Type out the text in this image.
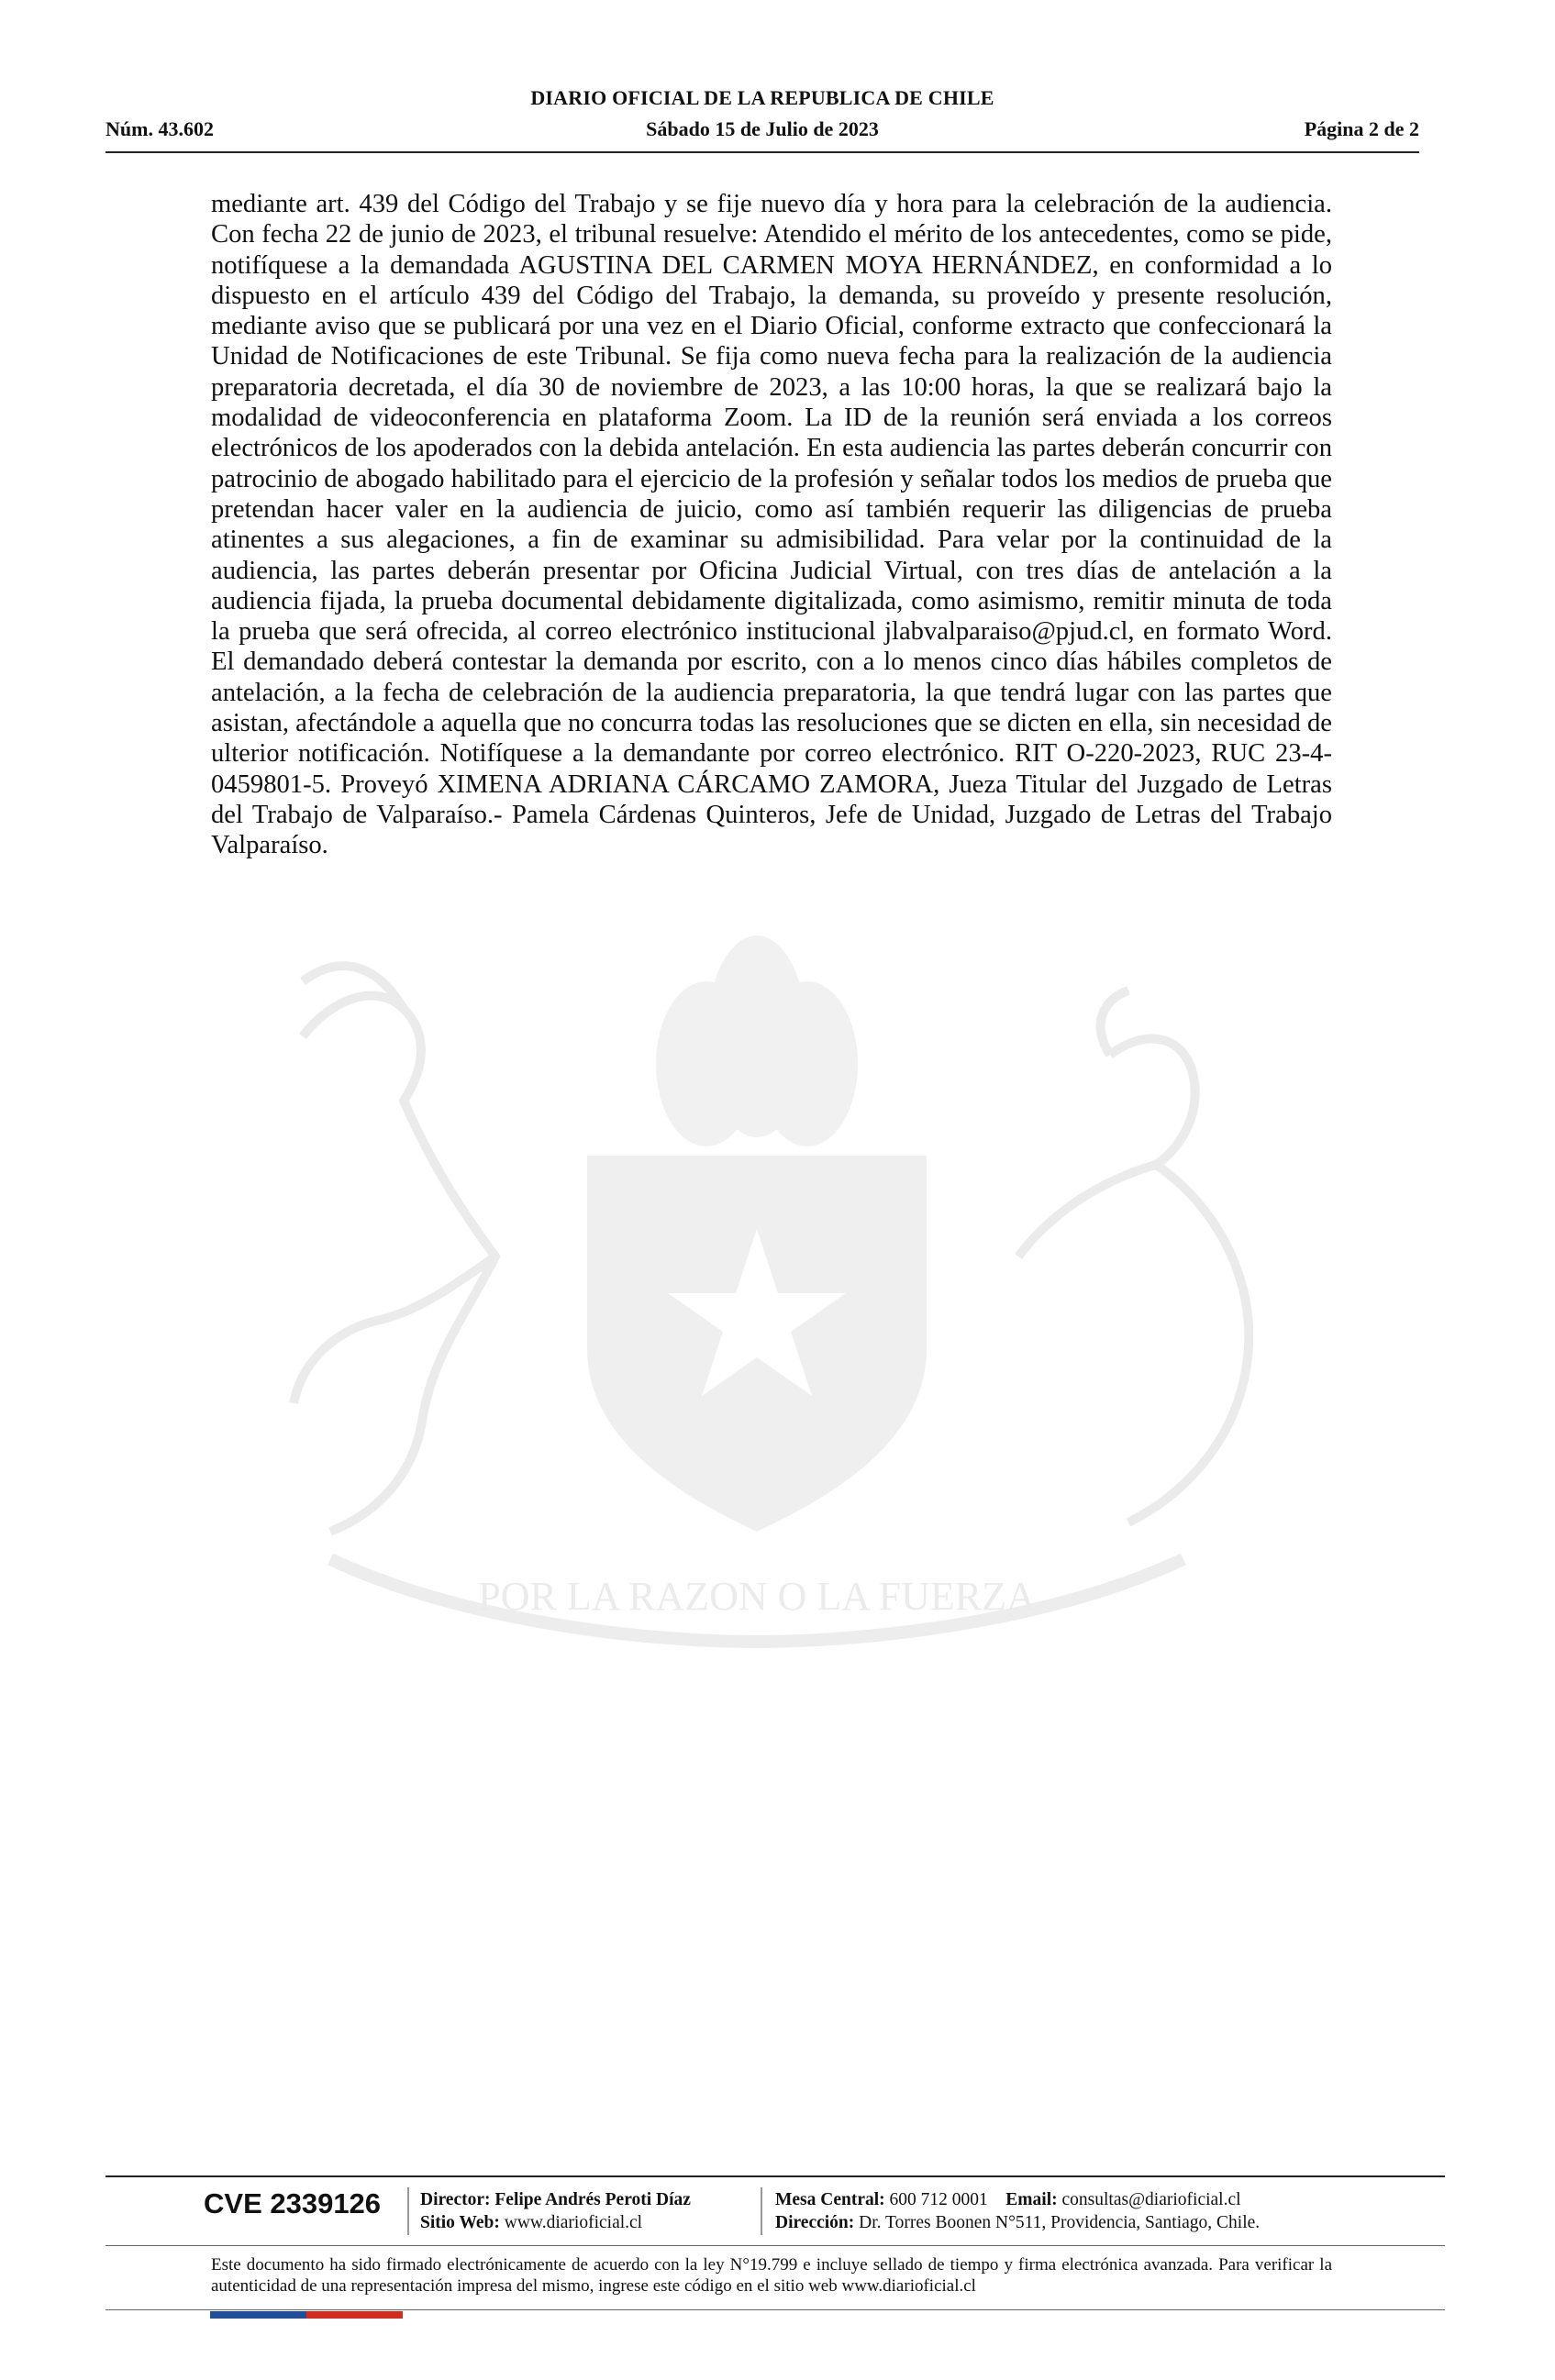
DIARIO OFICIAL DE LA REPUBLICA DE CHILE
Núm. 43.602	Sábado 15 de Julio de 2023	Página 2 de 2
POR LA RAZON O LA FUERZA
mediante art. 439 del Código del Trabajo y se fije nuevo día y hora para la celebración de la audiencia. Con fecha 22 de junio de 2023, el tribunal resuelve: Atendido el mérito de los antecedentes, como se pide, notifíquese a la demandada AGUSTINA DEL CARMEN MOYA HERNÁNDEZ, en conformidad a lo dispuesto en el artículo 439 del Código del Trabajo, la demanda, su proveído y presente resolución, mediante aviso que se publicará por una vez en el Diario Oficial, conforme extracto que confeccionará la Unidad de Notificaciones de este Tribunal. Se fija como nueva fecha para la realización de la audiencia preparatoria decretada, el día 30 de noviembre de 2023, a las 10:00 horas, la que se realizará bajo la modalidad de videoconferencia en plataforma Zoom. La ID de la reunión será enviada a los correos electrónicos de los apoderados con la debida antelación. En esta audiencia las partes deberán concurrir con patrocinio de abogado habilitado para el ejercicio de la profesión y señalar todos los medios de prueba que pretendan hacer valer en la audiencia de juicio, como así también requerir las diligencias de prueba atinentes a sus alegaciones, a fin de examinar su admisibilidad. Para velar por la continuidad de la audiencia, las partes deberán presentar por Oficina Judicial Virtual, con tres días de antelación a la audiencia fijada, la prueba documental debidamente digitalizada, como asimismo, remitir minuta de toda la prueba que será ofrecida, al correo electrónico institucional jlabvalparaiso@pjud.cl, en formato Word. El demandado deberá contestar la demanda por escrito, con a lo menos cinco días hábiles completos de antelación, a la fecha de celebración de la audiencia preparatoria, la que tendrá lugar con las partes que asistan, afectándole a aquella que no concurra todas las resoluciones que se dicten en ella, sin necesidad de ulterior notificación. Notifíquese a la demandante por correo electrónico. RIT O-220-2023, RUC 23-4-0459801-5. Proveyó XIMENA ADRIANA CÁRCAMO ZAMORA, Jueza Titular del Juzgado de Letras del Trabajo de Valparaíso.- Pamela Cárdenas Quinteros, Jefe de Unidad, Juzgado de Letras del Trabajo Valparaíso.
CVE 2339126 Director: Felipe Andrés Peroti Díaz
Sitio Web: www.diarioficial.cl
Mesa Central: 600 712 0001 Email: consultas@diarioficial.cl
Dirección: Dr. Torres Boonen N°511, Providencia, Santiago, Chile.
Este documento ha sido firmado electrónicamente de acuerdo con la ley N°19.799 e incluye sellado de tiempo y firma electrónica avanzada. Para verificar la autenticidad de una representación impresa del mismo, ingrese este código en el sitio web www.diarioficial.cl
